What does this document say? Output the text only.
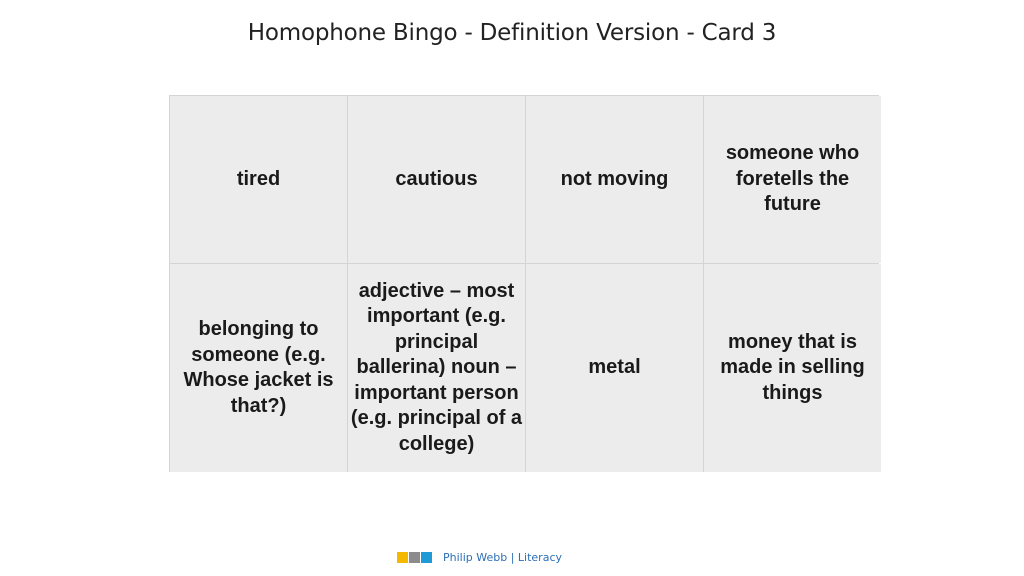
Homophone Bingo - Definition Version - Card 3
tired	cautious	not moving
someone who foretells the future
belonging to someone (e.g. Whose jacket is that?)
adjective – most important (e.g. principal ballerina) noun – important person (e.g. principal of a college)
metal
money that is made in selling things
Philip Webb | Literacy
